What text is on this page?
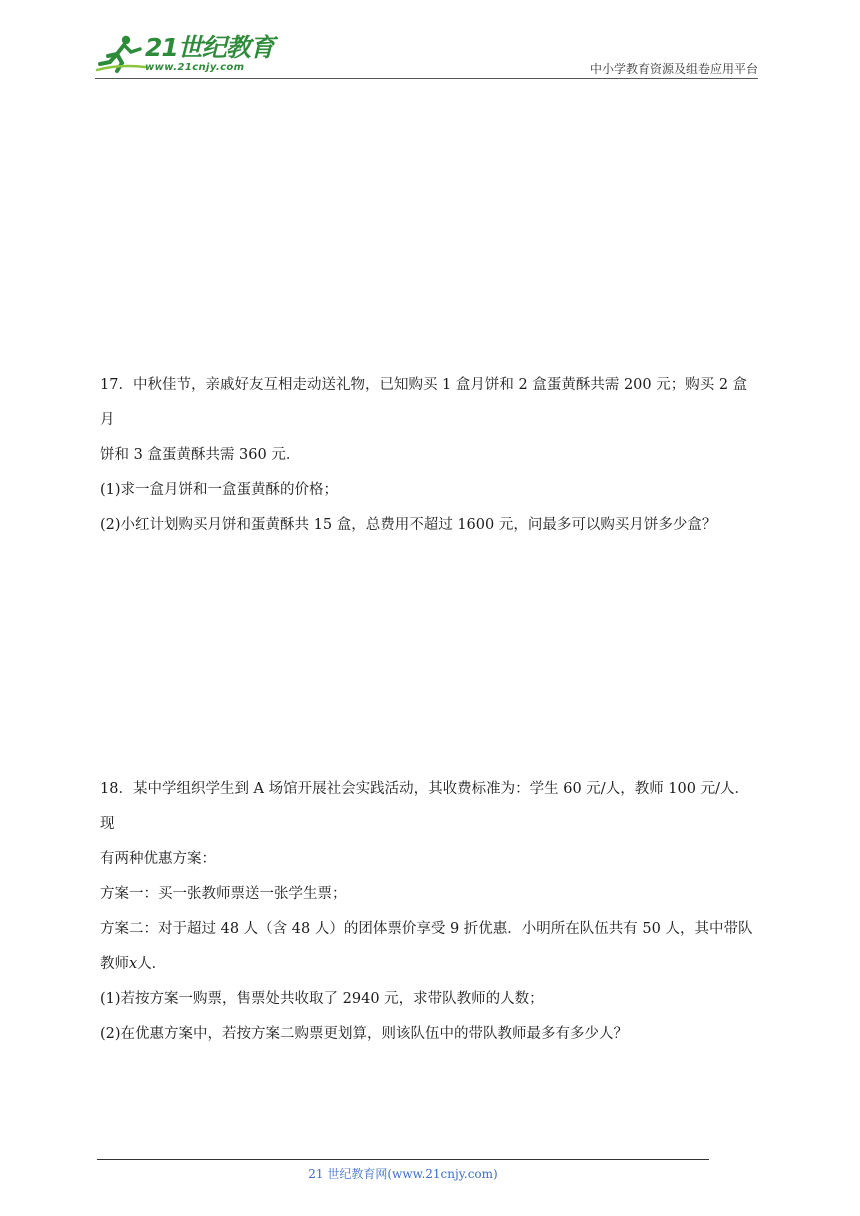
21世纪教育
www.21cnjy.com	中小学教育资源及组卷应用平台

17．中秋佳节，亲戚好友互相走动送礼物，已知购买 1 盒月饼和 2 盒蛋黄酥共需 200 元；购买 2 盒月

饼和 3 盒蛋黄酥共需 360 元．

(1)求一盒月饼和一盒蛋黄酥的价格；

(2)小红计划购买月饼和蛋黄酥共 15 盒，总费用不超过 1600 元，问最多可以购买月饼多少盒？

18．某中学组织学生到 A 场馆开展社会实践活动，其收费标准为：学生 60 元/人，教师 100 元/人．现

有两种优惠方案：

方案一：买一张教师票送一张学生票；

方案二：对于超过 48 人（含 48 人）的团体票价享受 9 折优惠．小明所在队伍共有 50 人，其中带队

教师x人．

(1)若按方案一购票，售票处共收取了 2940 元，求带队教师的人数；

(2)在优惠方案中，若按方案二购票更划算，则该队伍中的带队教师最多有多少人？

21 世纪教育网(www.21cnjy.com)
